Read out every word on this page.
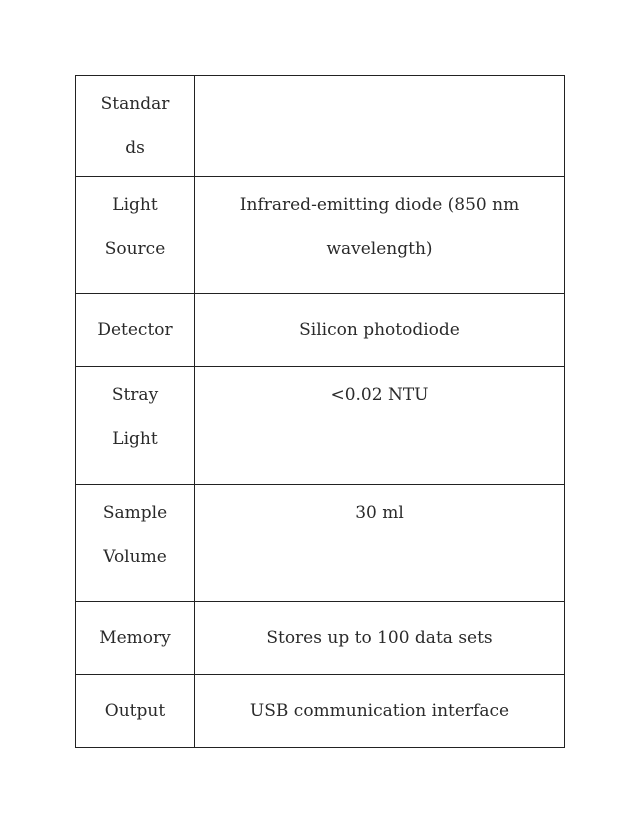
Standar
ds	

Light
Source	Infrared-emitting diode (850 nm
wavelength)

Detector	Silicon photodiode

Stray
Light	<0.02 NTU

Sample
Volume	30 ml

Memory	Stores up to 100 data sets

Output	USB communication interface
